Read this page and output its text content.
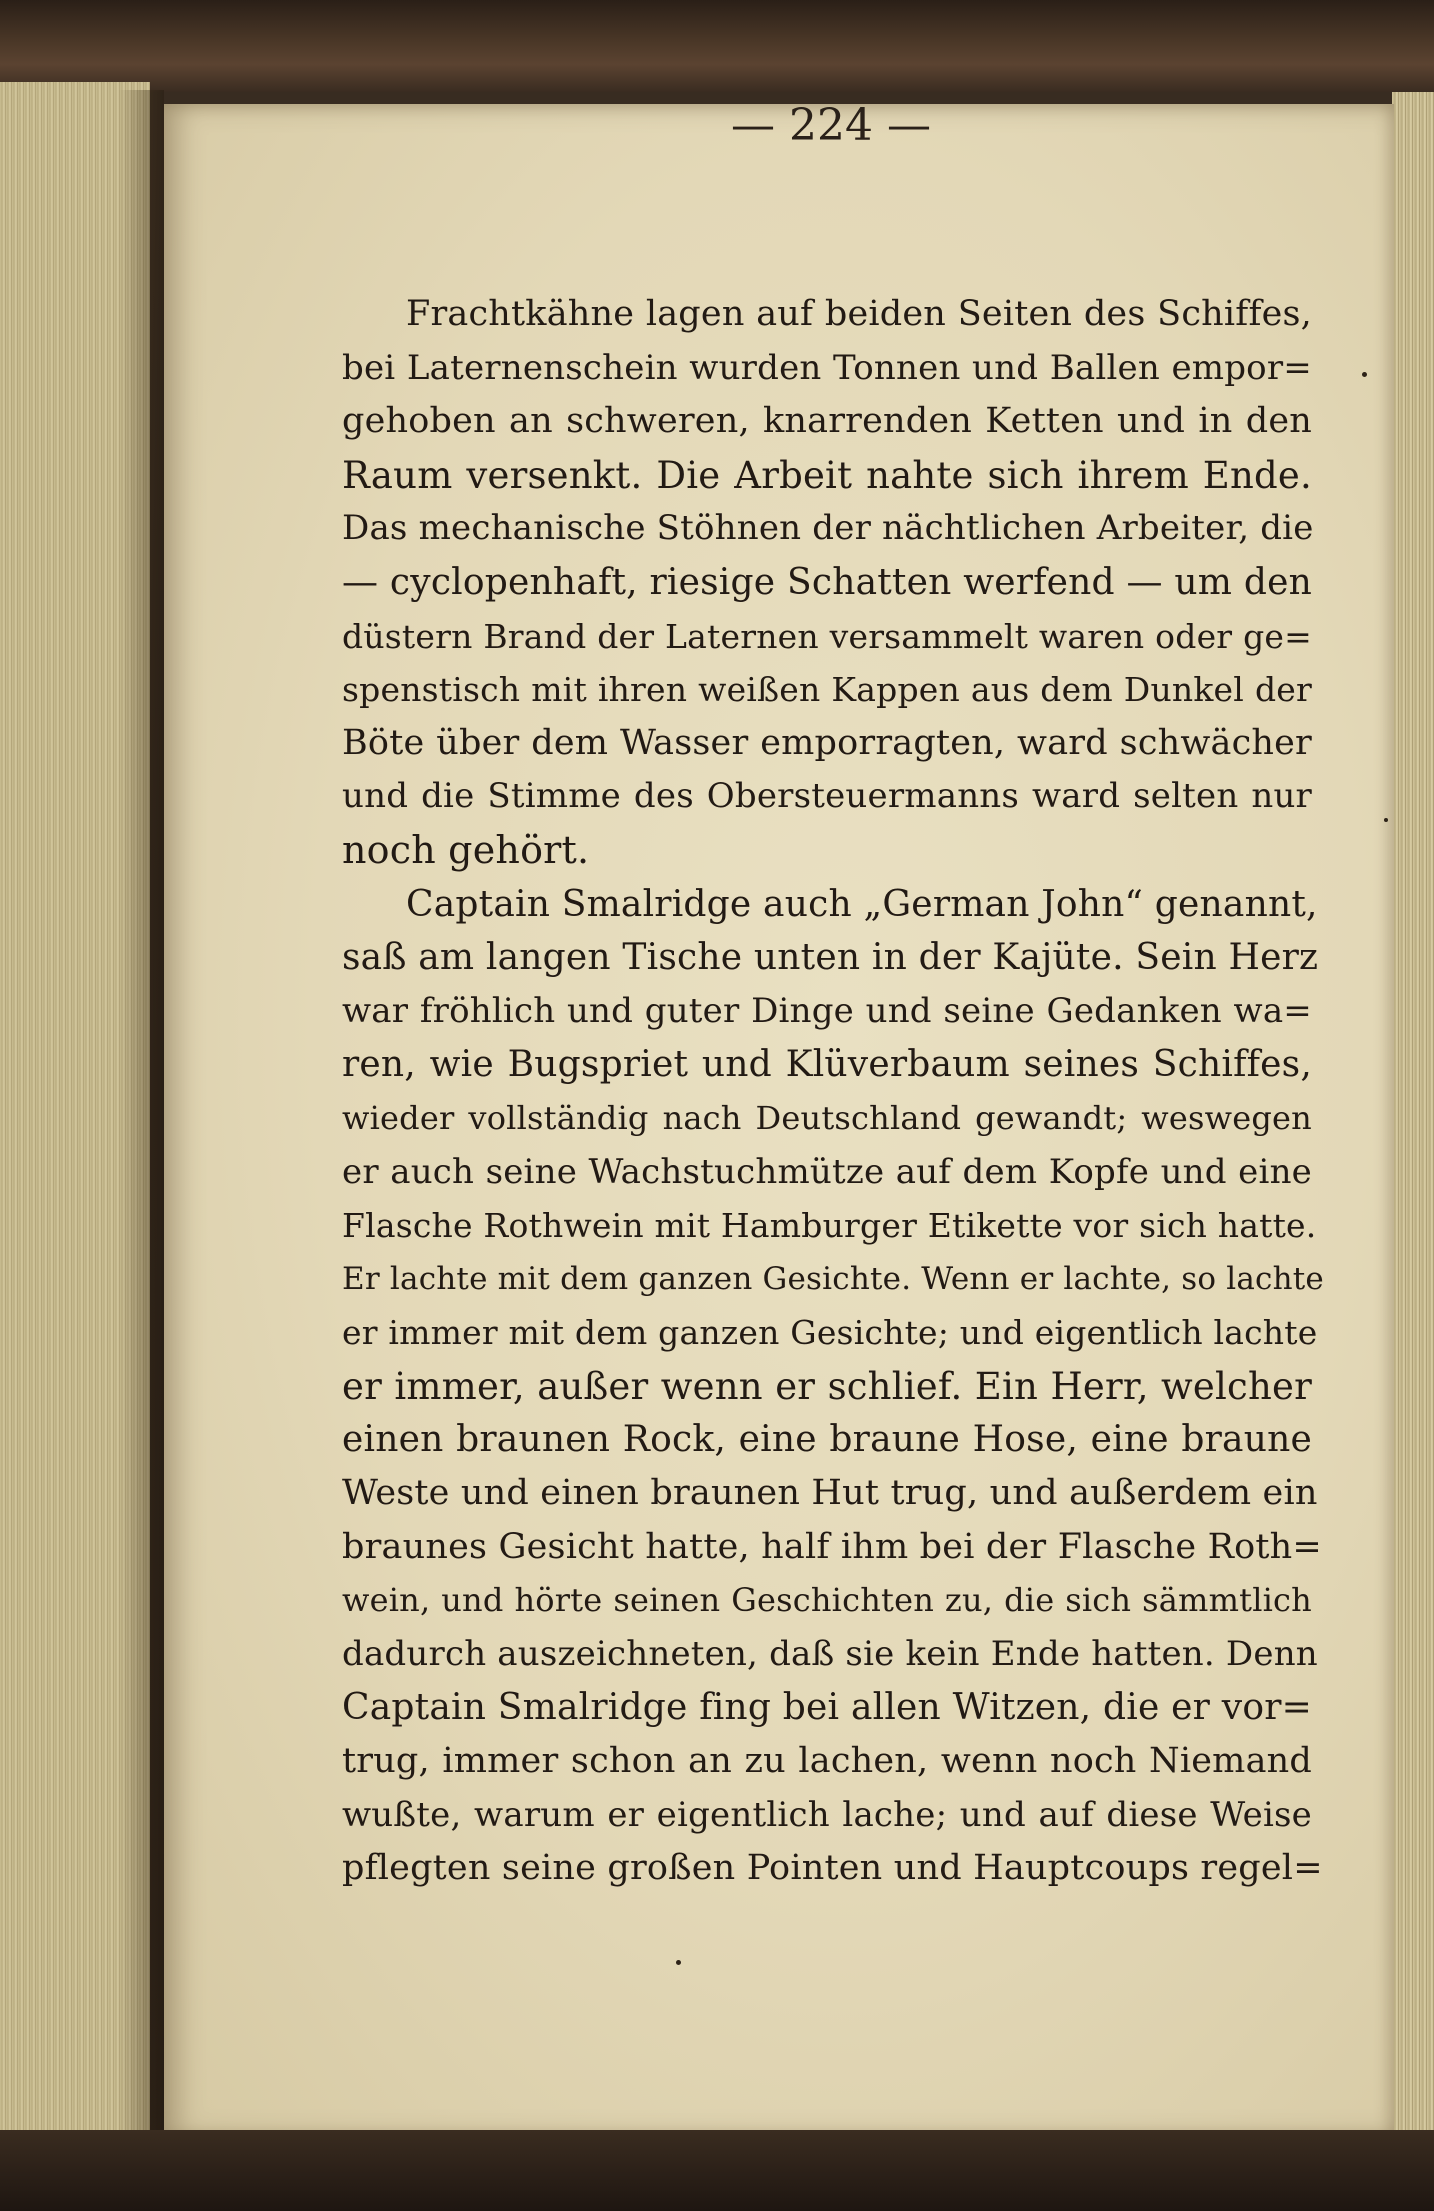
— 224 —
Frachtkähne lagen auf beiden Seiten des Schiffes,
bei Laternenschein wurden Tonnen und Ballen empor=
gehoben an schweren, knarrenden Ketten und in den
Raum versenkt. Die Arbeit nahte sich ihrem Ende.
Das mechanische Stöhnen der nächtlichen Arbeiter, die
— cyclopenhaft, riesige Schatten werfend — um den
düstern Brand der Laternen versammelt waren oder ge=
spenstisch mit ihren weißen Kappen aus dem Dunkel der
Böte über dem Wasser emporragten, ward schwächer
und die Stimme des Obersteuermanns ward selten nur
noch gehört.
Captain Smalridge auch „German John“ genannt,
saß am langen Tische unten in der Kajüte. Sein Herz
war fröhlich und guter Dinge und seine Gedanken wa=
ren, wie Bugspriet und Klüverbaum seines Schiffes,
wieder vollständig nach Deutschland gewandt; weswegen
er auch seine Wachstuchmütze auf dem Kopfe und eine
Flasche Rothwein mit Hamburger Etikette vor sich hatte.
Er lachte mit dem ganzen Gesichte. Wenn er lachte, so lachte
er immer mit dem ganzen Gesichte; und eigentlich lachte
er immer, außer wenn er schlief. Ein Herr, welcher
einen braunen Rock, eine braune Hose, eine braune
Weste und einen braunen Hut trug, und außerdem ein
braunes Gesicht hatte, half ihm bei der Flasche Roth=
wein, und hörte seinen Geschichten zu, die sich sämmtlich
dadurch auszeichneten, daß sie kein Ende hatten. Denn
Captain Smalridge fing bei allen Witzen, die er vor=
trug, immer schon an zu lachen, wenn noch Niemand
wußte, warum er eigentlich lache; und auf diese Weise
pflegten seine großen Pointen und Hauptcoups regel=
